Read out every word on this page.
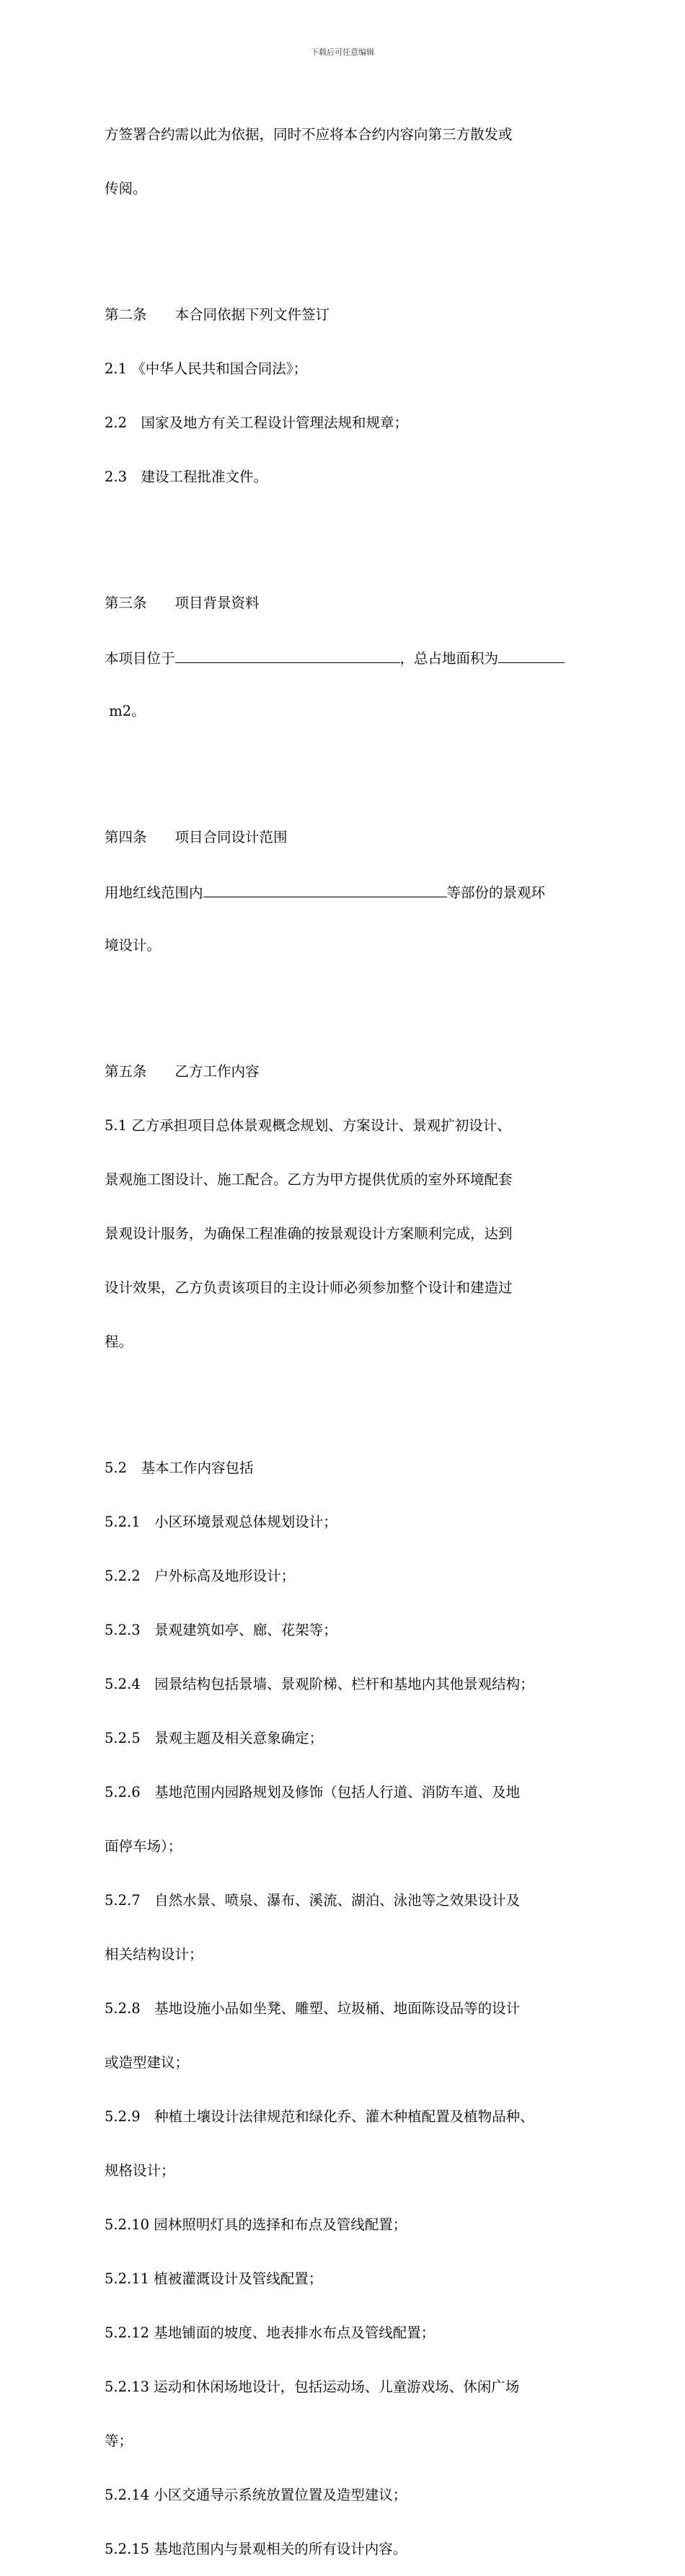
下载后可任意编辑

方签署合约需以此为依据，同时不应将本合约内容向第三方散发或

传阅。

第二条　　本合同依据下列文件签订

2.1 《中华人民共和国合同法》；

2.2　国家及地方有关工程设计管理法规和规章；

2.3　建设工程批准文件。

第三条　　项目背景资料

本项目位于	，总占地面积为

m2。

第四条　　项目合同设计范围

用地红线范围内	等部份的景观环

境设计。

第五条　　乙方工作内容

5.1 乙方承担项目总体景观概念规划、方案设计、景观扩初设计、

景观施工图设计、施工配合。乙方为甲方提供优质的室外环境配套

景观设计服务，为确保工程准确的按景观设计方案顺利完成，达到

设计效果，乙方负责该项目的主设计师必须参加整个设计和建造过

程。

5.2　基本工作内容包括

5.2.1　小区环境景观总体规划设计；

5.2.2　户外标高及地形设计；

5.2.3　景观建筑如亭、廊、花架等；

5.2.4　园景结构包括景墙、景观阶梯、栏杆和基地内其他景观结构；

5.2.5　景观主题及相关意象确定；

5.2.6　基地范围内园路规划及修饰（包括人行道、消防车道、及地

面停车场）；

5.2.7　自然水景、喷泉、瀑布、溪流、湖泊、泳池等之效果设计及

相关结构设计；

5.2.8　基地设施小品如坐凳、雕塑、垃圾桶、地面陈设品等的设计

或造型建议；

5.2.9　种植土壤设计法律规范和绿化乔、灌木种植配置及植物品种、

规格设计；

5.2.10 园林照明灯具的选择和布点及管线配置；

5.2.11 植被灌溉设计及管线配置；

5.2.12 基地铺面的坡度、地表排水布点及管线配置；

5.2.13 运动和休闲场地设计，包括运动场、儿童游戏场、休闲广场

等；

5.2.14 小区交通导示系统放置位置及造型建议；

5.2.15 基地范围内与景观相关的所有设计内容。
